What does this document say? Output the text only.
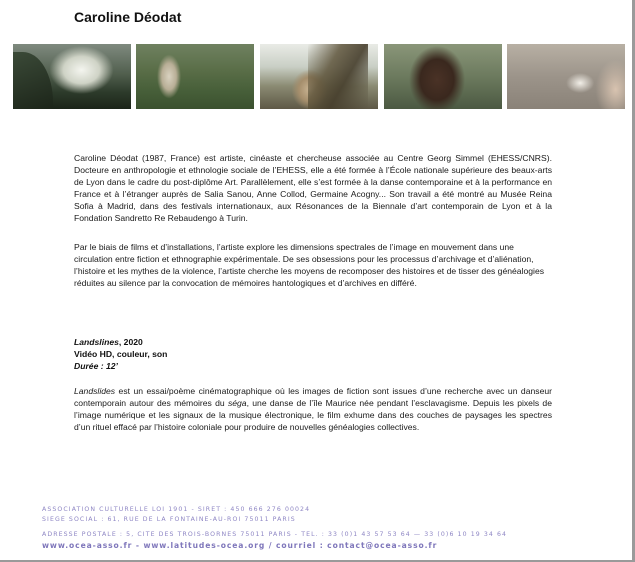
Caroline Déodat
Caroline Déodat (1987, France) est artiste, cinéaste et chercheuse associée au Centre Georg Simmel (EHESS/CNRS). Docteure en anthropologie et ethnologie sociale de l’EHESS, elle a été formée à l’École nationale supérieure des beaux-arts de Lyon dans le cadre du post-diplôme Art. Parallèlement, elle s’est formée à la danse contemporaine et à la performance en France et à l’étranger auprès de Salia Sanou, Anne Collod, Germaine Acogny... Son travail a été montré au Musée Reina Sofia à Madrid, dans des festivals internationaux, aux Résonances de la Biennale d’art contemporain de Lyon et à la Fondation Sandretto Re Rebaudengo à Turin.
Par le biais de films et d’installations, l’artiste explore les dimensions spectrales de l’image en mouvement dans une circulation entre fiction et ethnographie expérimentale. De ses obsessions pour les processus d’archivage et d’aliénation, l’histoire et les mythes de la violence, l’artiste cherche les moyens de recomposer des histoires et de tisser des généalogies réduites au silence par la convocation de mémoires hantologiques et d’archives en différé.
Landslines, 2020
Vidéo HD, couleur, son
Durée : 12’
Landslides est un essai/poème cinématographique où les images de fiction sont issues d’une recherche avec un danseur contemporain autour des mémoires du séga, une danse de l’île Maurice née pendant l’esclavagisme. Depuis les pixels de l’image numérique et les signaux de la musique électronique, le film exhume dans des couches de paysages les spectres d’un rituel effacé par l’histoire coloniale pour produire de nouvelles généalogies collectives.
ASSOCIATION CULTURELLE LOI 1901 - SIRET : 450 666 276 00024
SIEGE SOCIAL : 61, RUE DE LA FONTAINE-AU-ROI 75011 PARIS
ADRESSE POSTALE : 5, CITE DES TROIS-BORNES 75011 PARIS - TEL. : 33 (0)1 43 57 53 64 — 33 (0)6 10 19 34 64
www.ocea-asso.fr - www.latitudes-ocea.org / courriel : contact@ocea-asso.fr
